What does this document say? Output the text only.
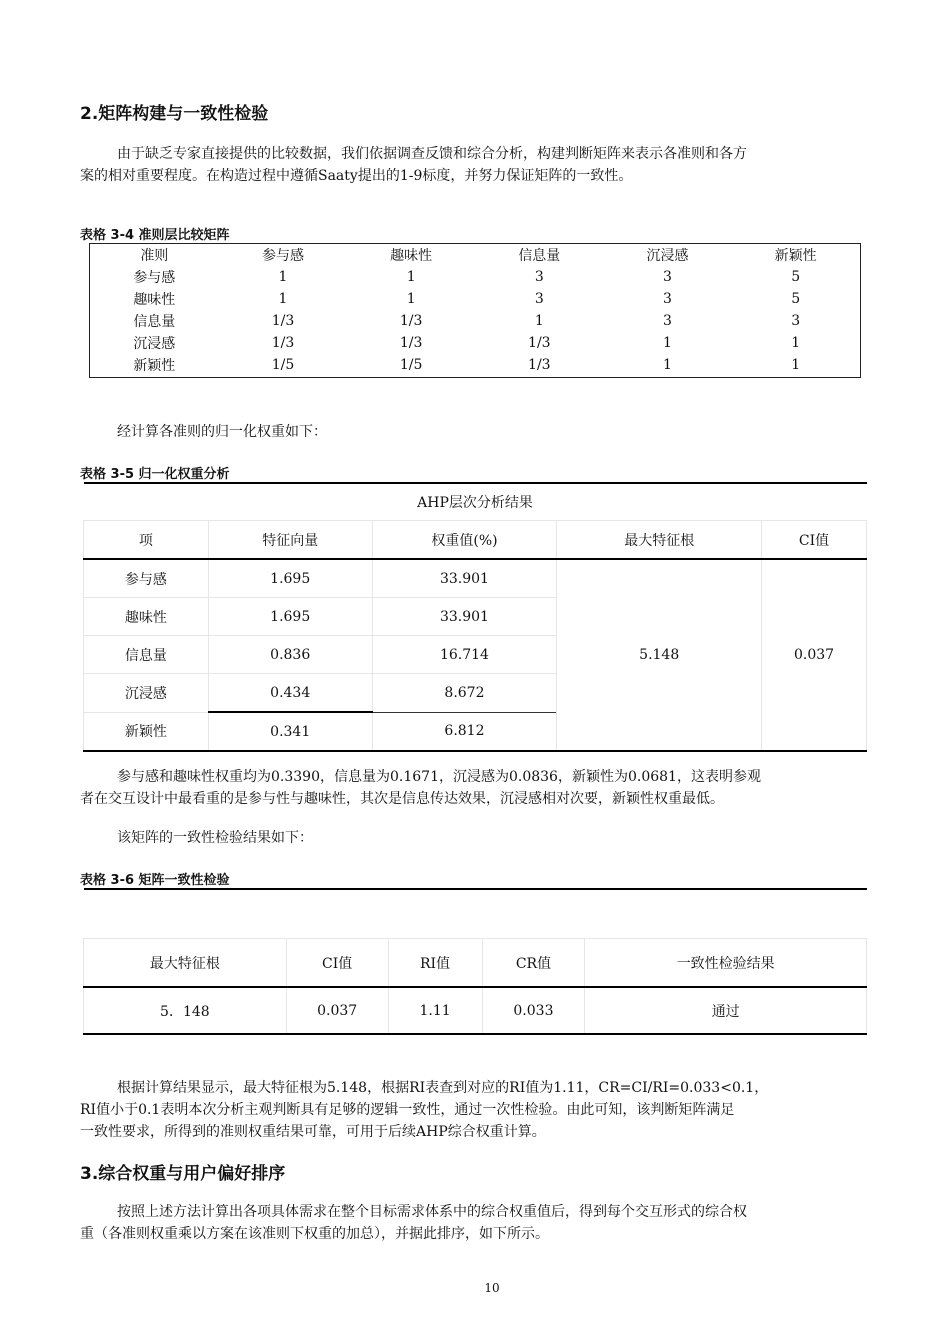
2.矩阵构建与一致性检验

由于缺乏专家直接提供的比较数据，我们依据调查反馈和综合分析，构建判断矩阵来表示各准则和各方

案的相对重要程度。在构造过程中遵循Saaty提出的1-9标度，并努力保证矩阵的一致性。

表格 3-4 准则层比较矩阵
准则	参与感	趣味性	信息量	沉浸感	新颖性
参与感	1	1	3	3	5
趣味性	1	1	3	3	5
信息量	1/3	1/3	1	3	3
沉浸感	1/3	1/3	1/3	1	1
新颖性	1/5	1/5	1/3	1	1
经计算各准则的归一化权重如下：
表格 3-5 归一化权重分析
AHP层次分析结果				
项	特征向量	权重值(%)	最大特征根	CI值
参与感	1.695	33.901	5.148	0.037
趣味性	1.695	33.901		
信息量	0.836	16.714		
沉浸感	0.434	8.672		
新颖性	0.341	6.812		

参与感和趣味性权重均为0.3390，信息量为0.1671，沉浸感为0.0836，新颖性为0.0681，这表明参观

者在交互设计中最看重的是参与性与趣味性，其次是信息传达效果，沉浸感相对次要，新颖性权重最低。

该矩阵的一致性检验结果如下：
表格 3-6 矩阵一致性检验

最大特征根	CI值	RI值	CR值	一致性检验结果
5．148	0.037	1.11	0.033	通过

根据计算结果显示，最大特征根为5.148，根据RI表查到对应的RI值为1.11，CR=CI/RI=0.033<0.1，

RI值小于0.1表明本次分析主观判断具有足够的逻辑一致性，通过一次性检验。由此可知，该判断矩阵满足

一致性要求，所得到的准则权重结果可靠，可用于后续AHP综合权重计算。

3.综合权重与用户偏好排序

按照上述方法计算出各项具体需求在整个目标需求体系中的综合权重值后，得到每个交互形式的综合权

重（各准则权重乘以方案在该准则下权重的加总），并据此排序，如下所示。

10
